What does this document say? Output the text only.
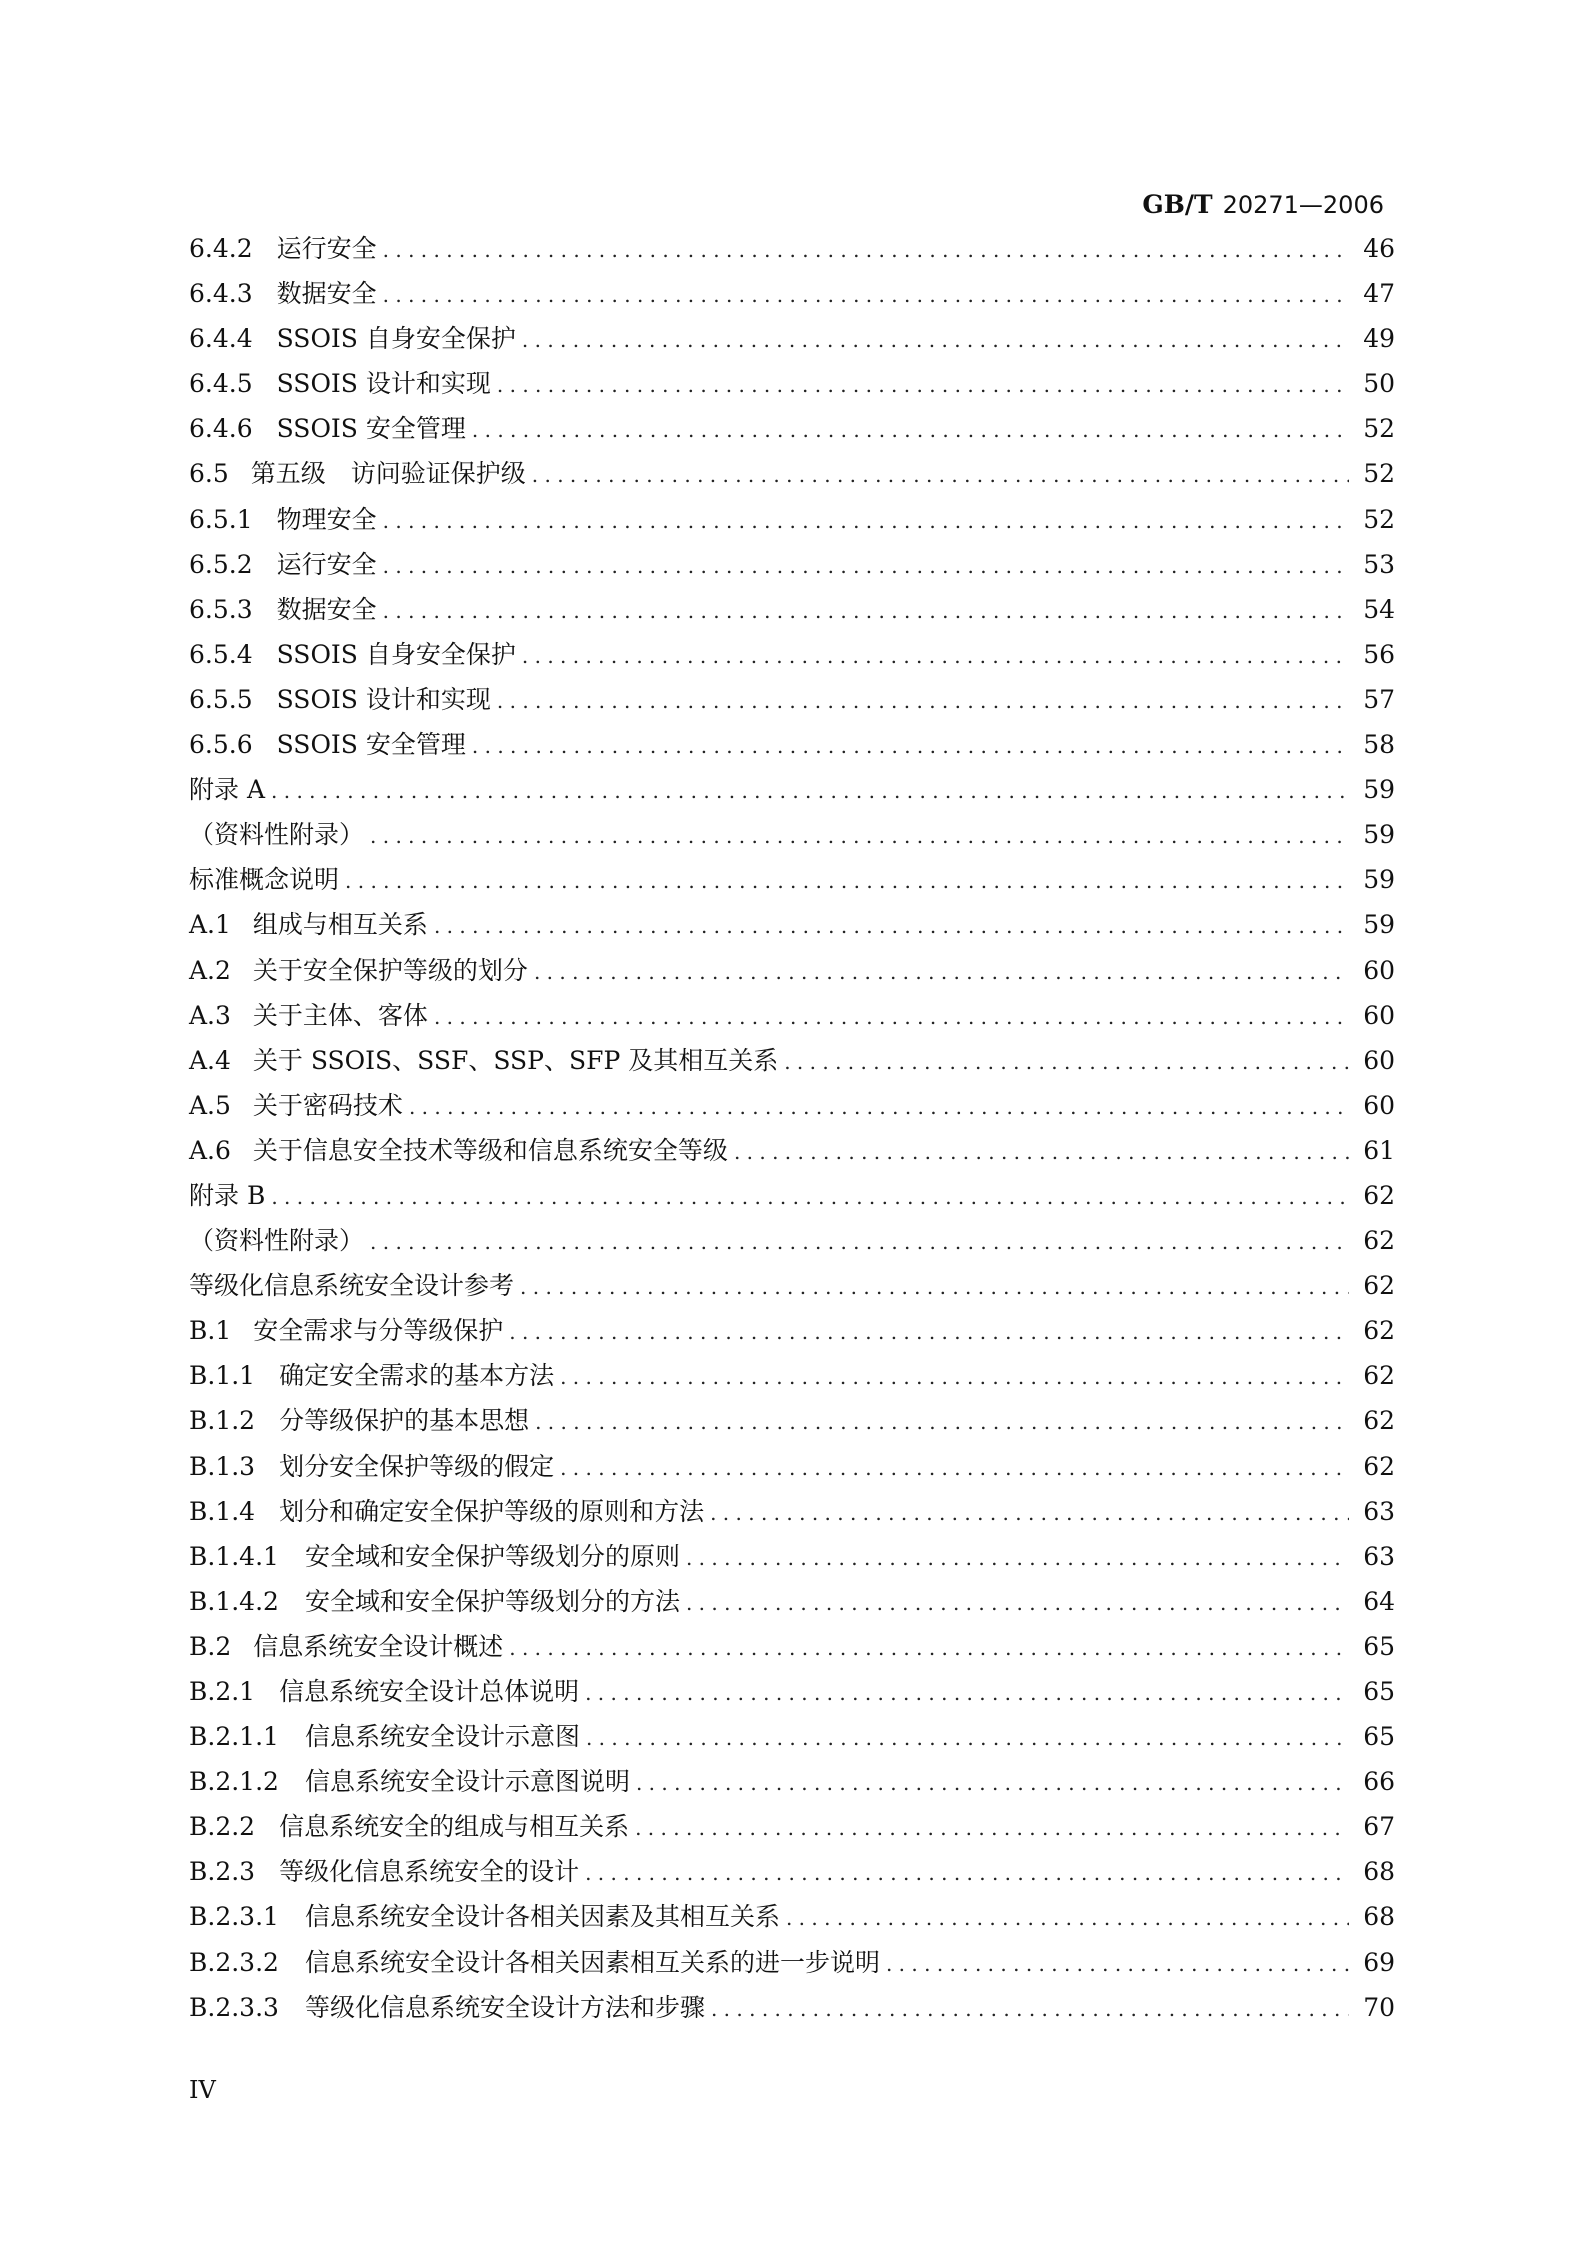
GB/T 20271—2006
6.4.2 运行安全 . . .	46
6.4.3 数据安全 . . .	47
6.4.4 SSOIS 自身安全保护 . . .	49
6.4.5 SSOIS 设计和实现 . . .	50
6.4.6 SSOIS 安全管理 . . .	52
6.5 第五级　访问验证保护级 . . .	52
6.5.1 物理安全 . . .	52
6.5.2 运行安全 . . .	53
6.5.3 数据安全 . . .	54
6.5.4 SSOIS 自身安全保护 . . .	56
6.5.5 SSOIS 设计和实现 . . .	57
6.5.6 SSOIS 安全管理 . . .	58
附录 A . . .	59
（资料性附录） . . .	59
标准概念说明 . . .	59
A.1 组成与相互关系 . . .	59
A.2 关于安全保护等级的划分 . . .	60
A.3 关于主体、客体 . . .	60
A.4 关于 SSOIS、SSF、SSP、SFP 及其相互关系 . . .	60
A.5 关于密码技术 . . .	60
A.6 关于信息安全技术等级和信息系统安全等级 . . .	61
附录 B . . .	62
（资料性附录） . . .	62
等级化信息系统安全设计参考 . . .	62
B.1 安全需求与分等级保护 . . .	62
B.1.1 确定安全需求的基本方法 . . .	62
B.1.2 分等级保护的基本思想 . . .	62
B.1.3 划分安全保护等级的假定 . . .	62
B.1.4 划分和确定安全保护等级的原则和方法 . . .	63
B.1.4.1 安全域和安全保护等级划分的原则 . . .	63
B.1.4.2 安全域和安全保护等级划分的方法 . . .	64
B.2 信息系统安全设计概述 . . .	65
B.2.1 信息系统安全设计总体说明 . . .	65
B.2.1.1 信息系统安全设计示意图 . . .	65
B.2.1.2 信息系统安全设计示意图说明 . . .	66
B.2.2 信息系统安全的组成与相互关系 . . .	67
B.2.3 等级化信息系统安全的设计 . . .	68
B.2.3.1 信息系统安全设计各相关因素及其相互关系 . . .	68
B.2.3.2 信息系统安全设计各相关因素相互关系的进一步说明 . . .	69
B.2.3.3 等级化信息系统安全设计方法和步骤 . . .	70
IV
